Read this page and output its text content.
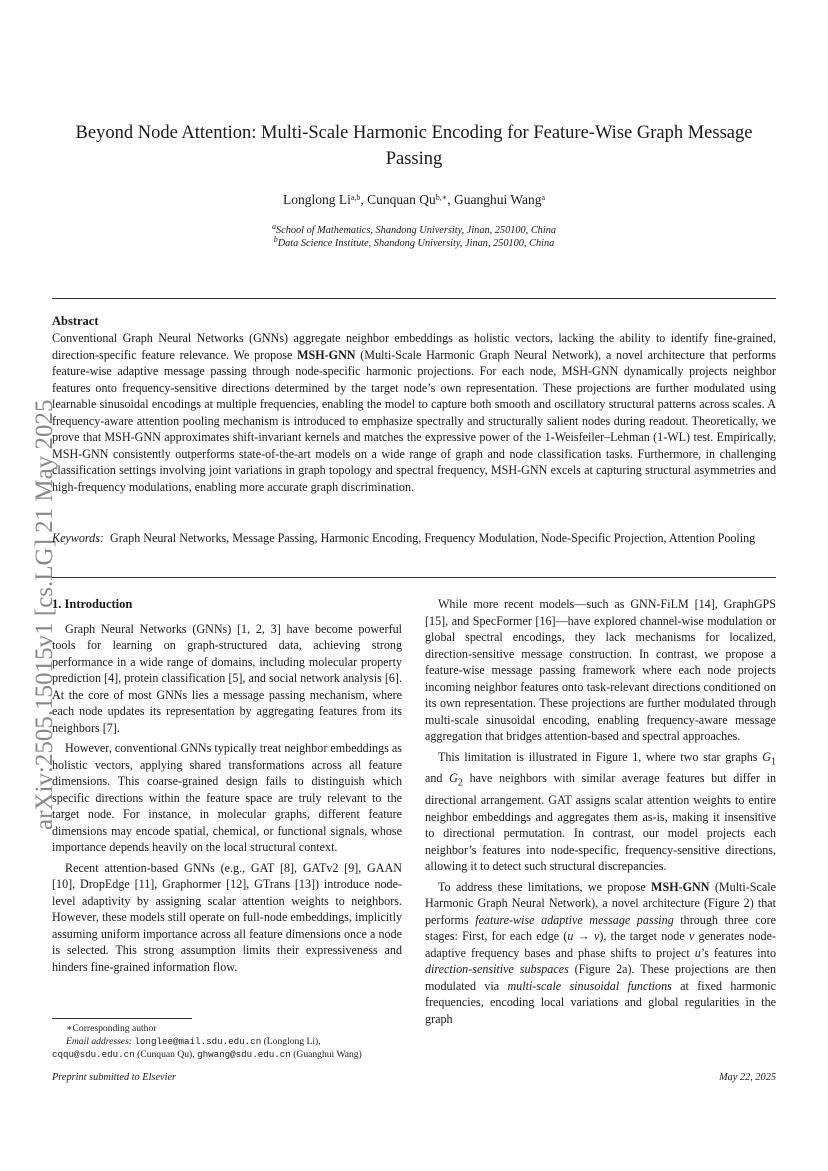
arXiv:2505.15015v1 [cs.LG] 21 May 2025
Beyond Node Attention: Multi-Scale Harmonic Encoding for Feature-Wise Graph Message Passing
Longlong Li$^{a,b}$, Cunquan $Qu^{b,∗}$, Guanghui Wang$^a$
$^a$School of Mathematics, Shandong University, Jinan, 250100, China
$^b$Data Science Institute, Shandong University, Jinan, 250100, China
Abstract
Conventional Graph Neural Networks (GNNs) aggregate neighbor embeddings as holistic vectors, lacking the ability to identify fine-grained, direction-specific feature relevance. We propose MSH-GNN (Multi-Scale Harmonic Graph Neural Network), a novel architecture that performs feature-wise adaptive message passing through node-specific harmonic projections. For each node, MSH-GNN dynamically projects neighbor features onto frequency-sensitive directions determined by the target node’s own representation. These projections are further modulated using learnable sinusoidal encodings at multiple frequencies, enabling the model to capture both smooth and oscillatory structural patterns across scales. A frequency-aware attention pooling mechanism is introduced to emphasize spectrally and structurally salient nodes during readout. Theoretically, we prove that MSH-GNN approximates shift-invariant kernels and matches the expressive power of the 1-Weisfeiler–Lehman (1-WL) test. Empirically, MSH-GNN consistently outperforms state-of-the-art models on a wide range of graph and node classification tasks. Furthermore, in challenging classification settings involving joint variations in graph topology and spectral frequency, MSH-GNN excels at capturing structural asymmetries and high-frequency modulations, enabling more accurate graph discrimination.
Keywords: Graph Neural Networks, Message Passing, Harmonic Encoding, Frequency Modulation, Node-Specific Projection, Attention Pooling
1. Introduction

Graph Neural Networks (GNNs) [1, 2, 3] have become powerful tools for learning on graph-structured data, achieving strong performance in a wide range of domains, including molecular property prediction [4], protein classification [5], and social network analysis [6]. At the core of most GNNs lies a message passing mechanism, where each node updates its representation by aggregating features from its neighbors [7].

However, conventional GNNs typically treat neighbor embeddings as holistic vectors, applying shared transformations across all feature dimensions. This coarse-grained design fails to distinguish which specific directions within the feature space are truly relevant to the target node. For instance, in molecular graphs, different feature dimensions may encode spatial, chemical, or functional signals, whose importance depends heavily on the local structural context.

Recent attention-based GNNs (e.g., GAT [8], GATv2 [9], GAAN [10], DropEdge [11], Graphormer [12], GTrans [13]) introduce node-level adaptivity by assigning scalar attention weights to neighbors. However, these models still operate on full-node embeddings, implicitly assuming uniform importance across all feature dimensions once a node is selected. This strong assumption limits their expressiveness and hinders fine-grained information flow.

While more recent models—such as GNN-FiLM [14], GraphGPS [15], and SpecFormer [16]—have explored channel-wise modulation or global spectral encodings, they lack mechanisms for localized, direction-sensitive message construction. In contrast, we propose a feature-wise message passing framework where each node projects incoming neighbor features onto task-relevant directions conditioned on its own representation. These projections are further modulated through multi-scale sinusoidal encoding, enabling frequency-aware message aggregation that bridges attention-based and spectral approaches.

This limitation is illustrated in Figure 1, where two star graphs $G_1$ and $G_2$ have neighbors with similar average features but differ in directional arrangement. GAT assigns scalar attention weights to entire neighbor embeddings and aggregates them as-is, making it insensitive to directional permutation. In contrast, our model projects each neighbor’s features into node-specific, frequency-sensitive directions, allowing it to detect such structural discrepancies.

To address these limitations, we propose MSH-GNN (Multi-Scale Harmonic Graph Neural Network), a novel architecture (Figure 2) that performs feature-wise adaptive message passing through three core stages: First, for each edge (u → v), the target node v generates node-adaptive frequency bases and phase shifts to project u’s features into direction-sensitive subspaces (Figure 2a). These projections are then modulated via multi-scale sinusoidal functions at fixed harmonic frequencies, encoding local variations and global regularities in the graph

∗Corresponding author
Email addresses: longlee@mail.sdu.edu.cn (Longlong Li),
cqqu@sdu.edu.cn (Cunquan Qu), ghwang@sdu.edu.cn (Guanghui Wang)
Preprint submitted to Elsevier	May 22, 2025
